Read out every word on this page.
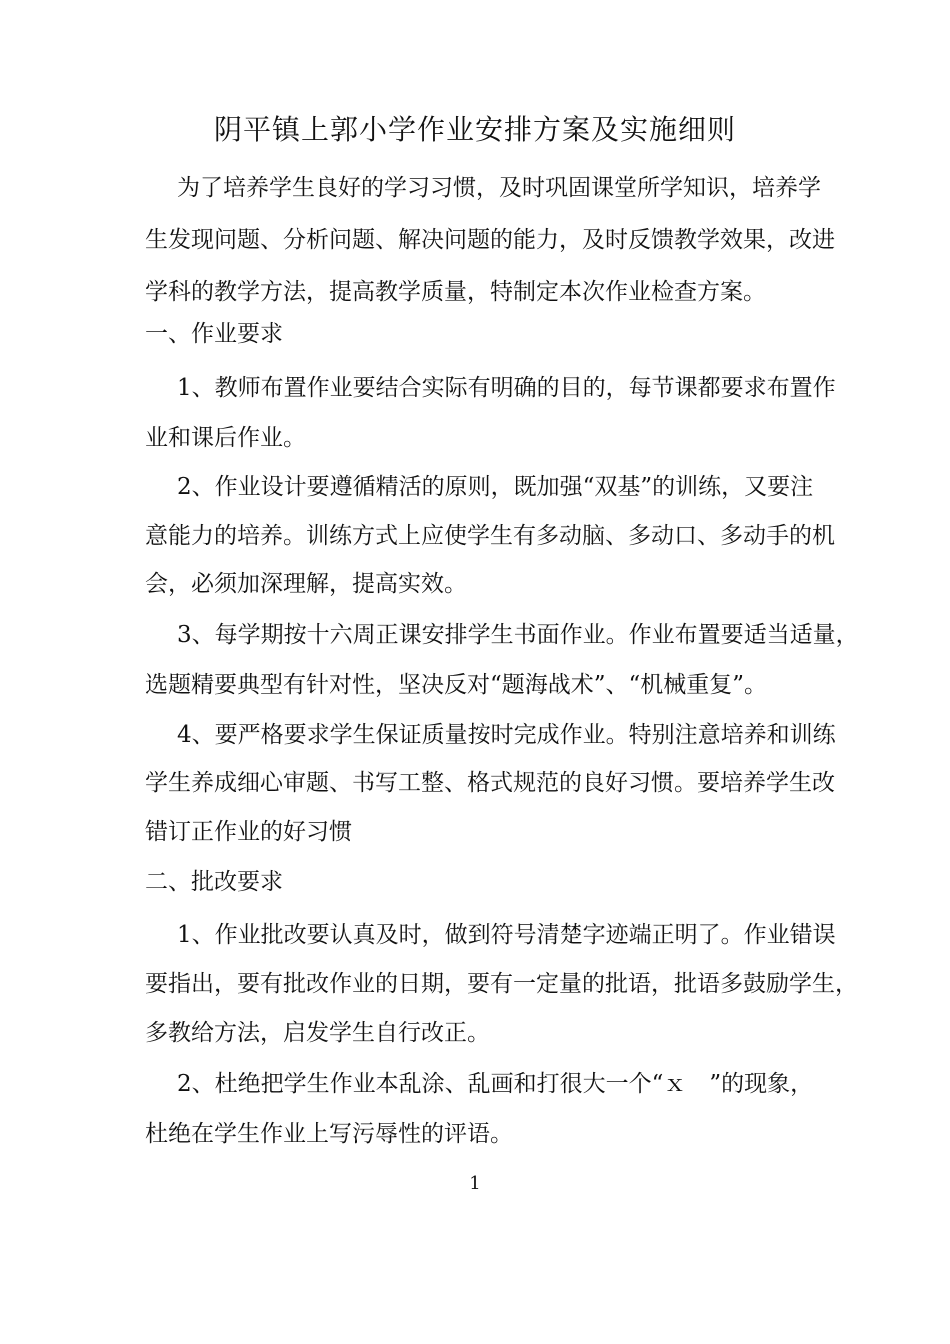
阴平镇上郭小学作业安排方案及实施细则
为了培养学生良好的学习习惯，及时巩固课堂所学知识，培养学
生发现问题、分析问题、解决问题的能力，及时反馈教学效果，改进
学科的教学方法，提高教学质量，特制定本次作业检查方案。
一、作业要求
1、教师布置作业要结合实际有明确的目的，每节课都要求布置作
业和课后作业。
2、作业设计要遵循精活的原则，既加强“双基”的训练，又要注
意能力的培养。训练方式上应使学生有多动脑、多动口、多动手的机
会，必须加深理解，提高实效。
3、每学期按十六周正课安排学生书面作业。作业布置要适当适量，
选题精要典型有针对性，坚决反对“题海战术”、“机械重复”。
4、要严格要求学生保证质量按时完成作业。特别注意培养和训练
学生养成细心审题、书写工整、格式规范的良好习惯。要培养学生改
错订正作业的好习惯
二、批改要求
1、作业批改要认真及时，做到符号清楚字迹端正明了。作业错误
要指出，要有批改作业的日期，要有一定量的批语，批语多鼓励学生，
多教给方法，启发学生自行改正。
2、杜绝把学生作业本乱涂、乱画和打很大一个“ｘ　”的现象，
杜绝在学生作业上写污辱性的评语。
1
